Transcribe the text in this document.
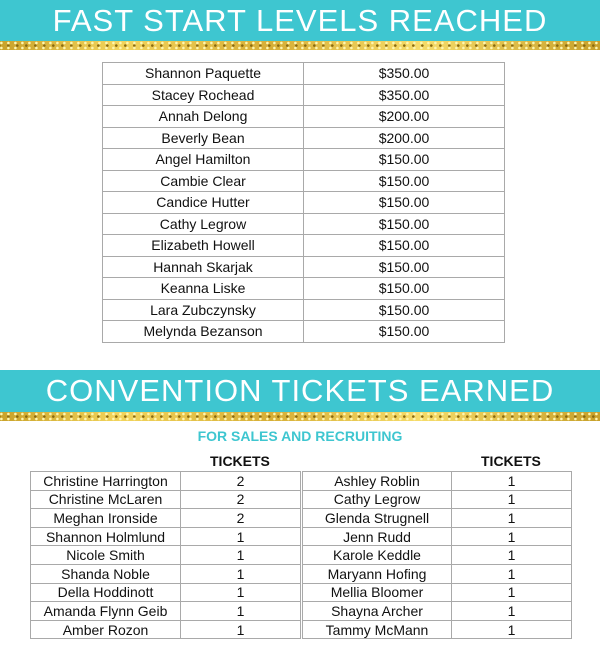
FAST START LEVELS REACHED
Shannon Paquette	$350.00
Stacey Rochead	$350.00
Annah Delong	$200.00
Beverly Bean	$200.00
Angel Hamilton	$150.00
Cambie Clear	$150.00
Candice Hutter	$150.00
Cathy Legrow	$150.00
Elizabeth Howell	$150.00
Hannah Skarjak	$150.00
Keanna Liske	$150.00
Lara Zubczynsky	$150.00
Melynda Bezanson	$150.00
CONVENTION TICKETS EARNED
FOR SALES AND RECRUITING
TICKETS	TICKETS
Christine Harrington	2
Christine McLaren	2
Meghan Ironside	2
Shannon Holmlund	1
Nicole Smith	1
Shanda Noble	1
Della Hoddinott	1
Amanda Flynn Geib	1
Amber Rozon	1
Ashley Roblin	1
Cathy Legrow	1
Glenda Strugnell	1
Jenn Rudd	1
Karole Keddle	1
Maryann Hofing	1
Mellia Bloomer	1
Shayna Archer	1
Tammy McMann	1
